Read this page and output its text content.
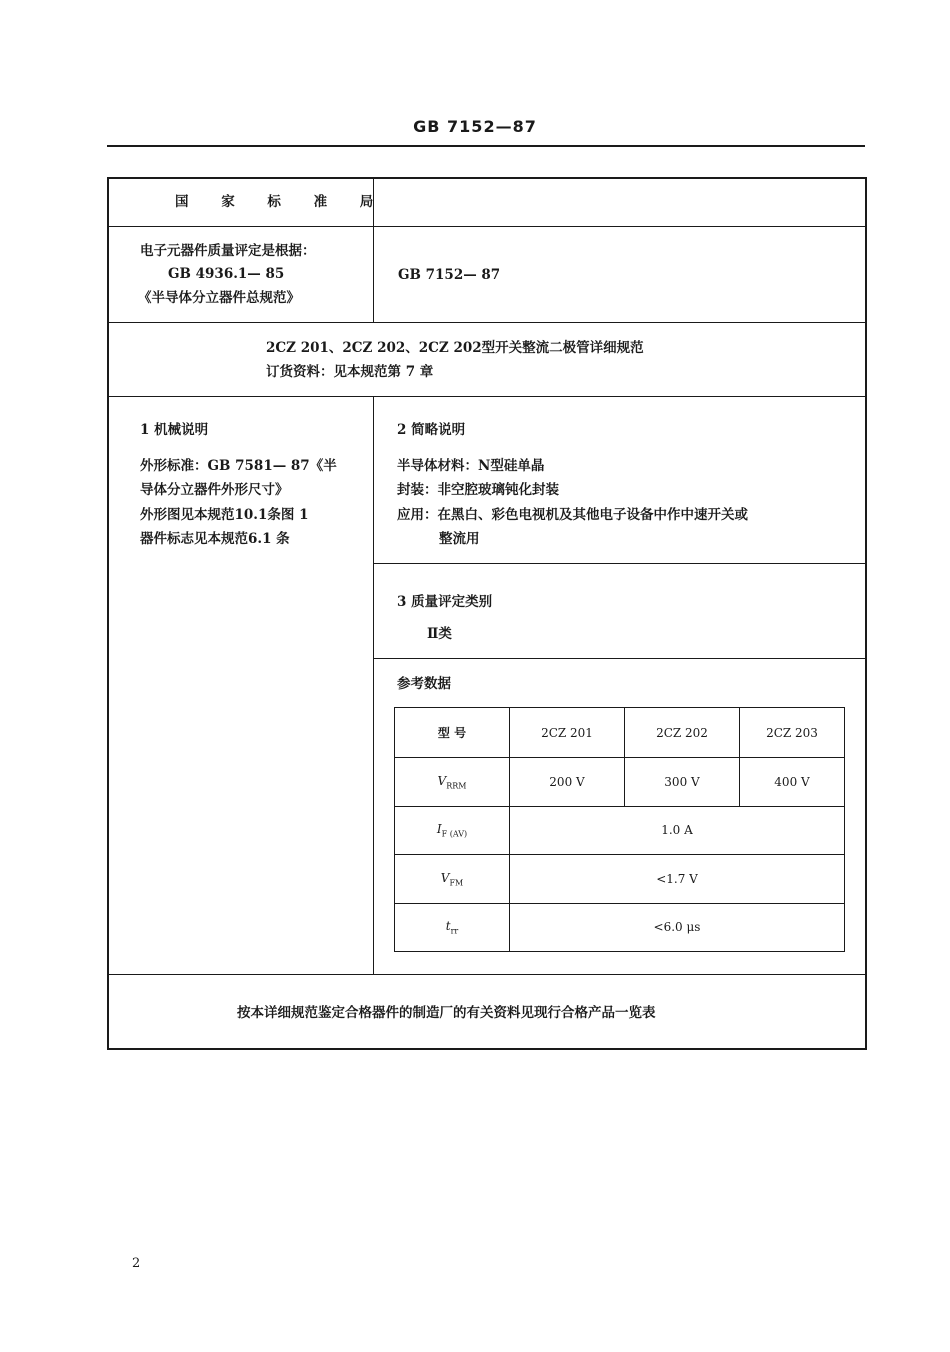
GB 7152—87
国 家 标 准 局
电子元器件质量评定是根据：
GB 4936.1— 85
《半导体分立器件总规范》
GB 7152— 87
2CZ 201、2CZ 202、2CZ 202型开关整流二极管详细规范
订货资料：见本规范第 7 章
1 机械说明
外形标准：GB 7581— 87《半
导体分立器件外形尺寸》
外形图见本规范10.1条图 1
器件标志见本规范6.1 条
2 简略说明
半导体材料：N型硅单晶
封装：非空腔玻璃钝化封装
应用：在黑白、彩色电视机及其他电子设备中作中速开关或
整流用
3 质量评定类别
Ⅱ类
参考数据
型 号	2CZ 201	2CZ 202	2CZ 203
$V_{RRM}$	200 V	300 V	400 V
$I_{F (AV)}$	1.0 A		
$V_{FM}$	<1.7 V		
$t_{rr}$	<6.0 μs		
按本详细规范鉴定合格器件的制造厂的有关资料见现行合格产品一览表
2
